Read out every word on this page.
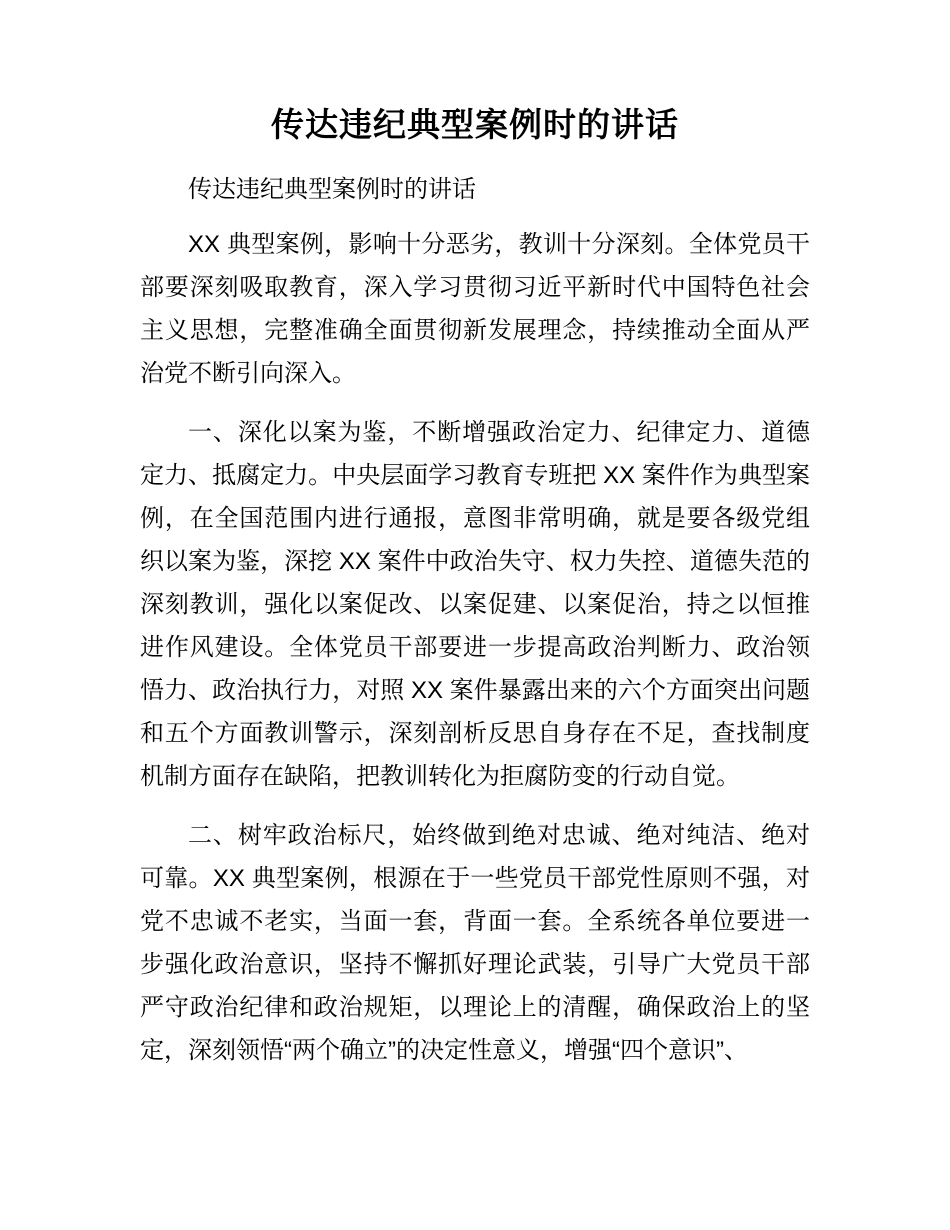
传达违纪典型案例时的讲话

传达违纪典型案例时的讲话

XX 典型案例，影响十分恶劣，教训十分深刻。全体党员干部要深刻吸取教育，深入学习贯彻习近平新时代中国特色社会主义思想，完整准确全面贯彻新发展理念，持续推动全面从严治党不断引向深入。

一、深化以案为鉴，不断增强政治定力、纪律定力、道德定力、抵腐定力。中央层面学习教育专班把 XX 案件作为典型案例，在全国范围内进行通报，意图非常明确，就是要各级党组织以案为鉴，深挖 XX 案件中政治失守、权力失控、道德失范的深刻教训，强化以案促改、以案促建、以案促治，持之以恒推进作风建设。全体党员干部要进一步提高政治判断力、政治领悟力、政治执行力，对照 XX 案件暴露出来的六个方面突出问题和五个方面教训警示，深刻剖析反思自身存在不足，查找制度机制方面存在缺陷，把教训转化为拒腐防变的行动自觉。

二、树牢政治标尺，始终做到绝对忠诚、绝对纯洁、绝对可靠。XX 典型案例，根源在于一些党员干部党性原则不强，对党不忠诚不老实，当面一套，背面一套。全系统各单位要进一步强化政治意识，坚持不懈抓好理论武装，引导广大党员干部严守政治纪律和政治规矩，以理论上的清醒，确保政治上的坚定，深刻领悟“两个确立”的决定性意义，增强“四个意识”、
